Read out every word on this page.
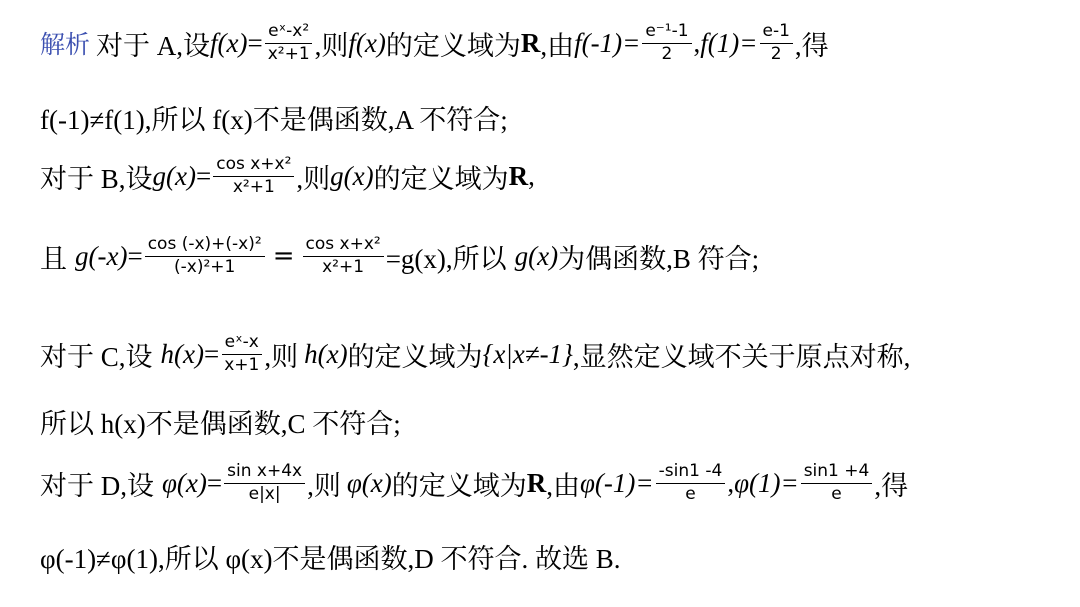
解析 对于 A,设 $f(x) = \frac{\text{eˣ-x²}}{\text{x²+1}}$ ,则 f(x) 的定义域为 R ,由 $f(-1)= \frac{\text{e⁻¹-1}}{2}$ , $f(1)= \frac{e-1}{2}$ ,得
f(-1)≠f(1),所以 f(x)不是偶函数,A 不符合;
对于 B,设 $g(x) = \frac{\text{cos x+x²}}{\text{x²+1}}$ ,则 g(x) 的定义域为 R ,
且 $g(-x) = \frac{\text{cos (-x)+(-x)²}}{\text{(-x)²+1}} = \frac{\text{cos x+x²}}{\text{x²+1}} =g(x)$,所以 g(x) 为偶函数,B 符合;
对于 C,设 $h(x) = \frac{\text{eˣ-x}}{x+1}$ ,则 h(x) 的定义域为 {x|x≠-1} ,显然定义域不关于原点对称,
所以 h(x)不是偶函数,C 不符合;
对于 D,设 $\varphi(x) = \frac{\text{sin x+4x}}{e|x|}$ ,则 φ(x) 的定义域为 R ,由 $\varphi(-1)= \frac{-\sin 1 -4}{e}$ , $\varphi(1)= \frac{\sin 1 +4}{e}$ ,得
φ(-1)≠φ(1),所以 φ(x)不是偶函数,D 不符合. 故选 B.
